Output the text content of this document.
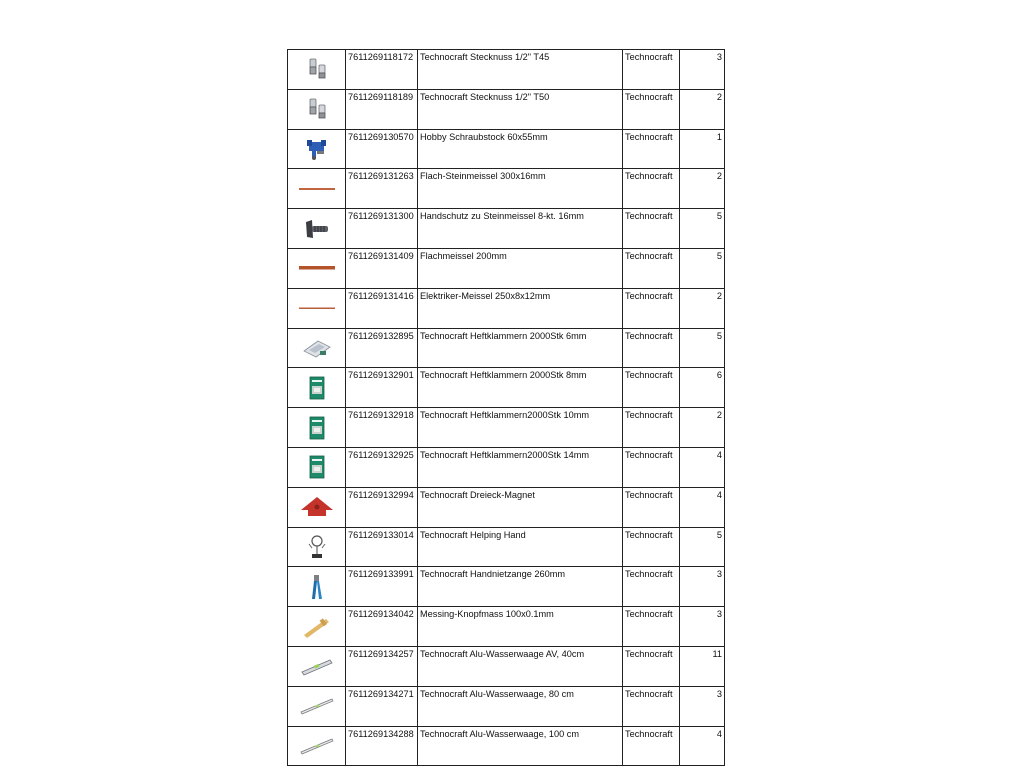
	7611269118172	Technocraft Stecknuss 1/2" T45	Technocraft	3

	7611269118189	Technocraft Stecknuss 1/2" T50	Technocraft	2

	7611269130570	Hobby Schraubstock 60x55mm	Technocraft	1

	7611269131263	Flach-Steinmeissel 300x16mm	Technocraft	2

	7611269131300	Handschutz zu Steinmeissel 8-kt. 16mm	Technocraft	5

	7611269131409	Flachmeissel 200mm	Technocraft	5

	7611269131416	Elektriker-Meissel 250x8x12mm	Technocraft	2

	7611269132895	Technocraft Heftklammern 2000Stk 6mm	Technocraft	5

	7611269132901	Technocraft Heftklammern 2000Stk 8mm	Technocraft	6

	7611269132918	Technocraft Heftklammern2000Stk 10mm	Technocraft	2

	7611269132925	Technocraft Heftklammern2000Stk 14mm	Technocraft	4

	7611269132994	Technocraft Dreieck-Magnet	Technocraft	4

	7611269133014	Technocraft Helping Hand	Technocraft	5

	7611269133991	Technocraft Handnietzange 260mm	Technocraft	3

	7611269134042	Messing-Knopfmass 100x0.1mm	Technocraft	3

	7611269134257	Technocraft Alu-Wasserwaage AV, 40cm	Technocraft	11

	7611269134271	Technocraft Alu-Wasserwaage, 80 cm	Technocraft	3

	7611269134288	Technocraft Alu-Wasserwaage, 100 cm	Technocraft	4
